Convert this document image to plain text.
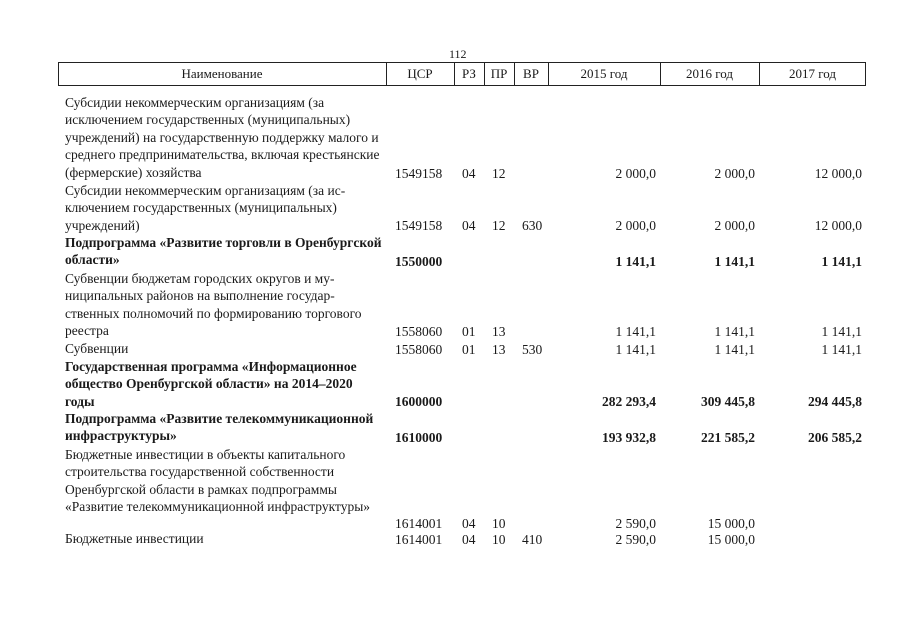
112
Наименование	ЦСР	РЗ	ПР	ВР	2015 год	2016 год	2017 год
Субсидии некоммерческим организациям (за исключением государственных (муниципальных) учреждений) на государственную поддержку малого и среднего предпринимательства, включая крестьянские (фермерские) хозяйства	1549158 04 12	2 000,0	2 000,0	12 000,0
Субсидии некоммерческим организациям (за исключением государственных (муниципальных) учреждений)	1549158 04 12 630	2 000,0	2 000,0	12 000,0
Подпрограмма «Развитие торговли в Оренбургской области»	1550000	1 141,1	1 141,1	1 141,1
Субвенции бюджетам городских округов и муниципальных районов на выполнение государственных полномочий по формированию торгового реестра	1558060 01 13	1 141,1	1 141,1	1 141,1
Субвенции	1558060 01 13 530	1 141,1	1 141,1	1 141,1
Государственная программа «Информационное общество Оренбургской области» на 2014–2020 годы	1600000	282 293,4	309 445,8	294 445,8
Подпрограмма «Развитие телекоммуникационной инфраструктуры»	1610000	193 932,8	221 585,2	206 585,2
Бюджетные инвестиции в объекты капитального строительства государственной собственности Оренбургской области в рамках подпрограммы «Развитие телекоммуникационной инфраструктуры»
1614001 04 10	2 590,0	15 000,0
Бюджетные инвестиции	1614001 04 10 410	2 590,0	15 000,0
